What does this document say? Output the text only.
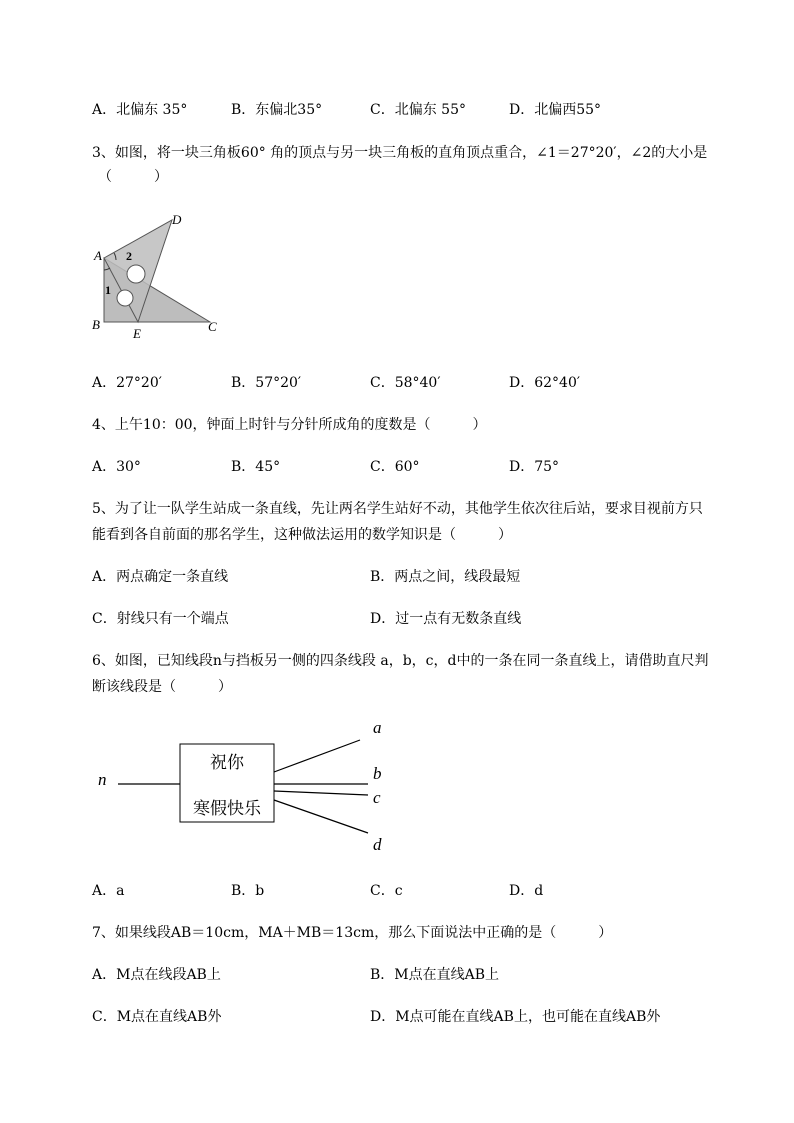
A．北偏东 35°	B．东偏北35°	C．北偏东 55°	D．北偏西55°
3、如图，将一块三角板60° 角的顶点与另一块三角板的直角顶点重合，∠1＝27°20′，∠2的大小是
（　　　）
A
B	C
D
E
1
2
A．27°20′	B．57°20′	C．58°40′	D．62°40′
4、上午10：00，钟面上时针与分针所成角的度数是（　　　）
A．30°	B．45°	C．60°	D．75°
5、为了让一队学生站成一条直线，先让两名学生站好不动，其他学生依次往后站，要求目视前方只
能看到各自前面的那名学生，这种做法运用的数学知识是（　　　）
A．两点确定一条直线	B．两点之间，线段最短
C．射线只有一个端点	D．过一点有无数条直线
6、如图，已知线段n与挡板另一侧的四条线段 a，b，c，d中的一条在同一条直线上，请借助直尺判
断该线段是（　　　）
祝你
寒假快乐
n
a
b
c
d
A．a	B．b	C．c	D．d
7、如果线段AB＝10cm，MA＋MB＝13cm，那么下面说法中正确的是（　　　）
A．M点在线段AB上	B．M点在直线AB上
C．M点在直线AB外	D．M点可能在直线AB上，也可能在直线AB外
